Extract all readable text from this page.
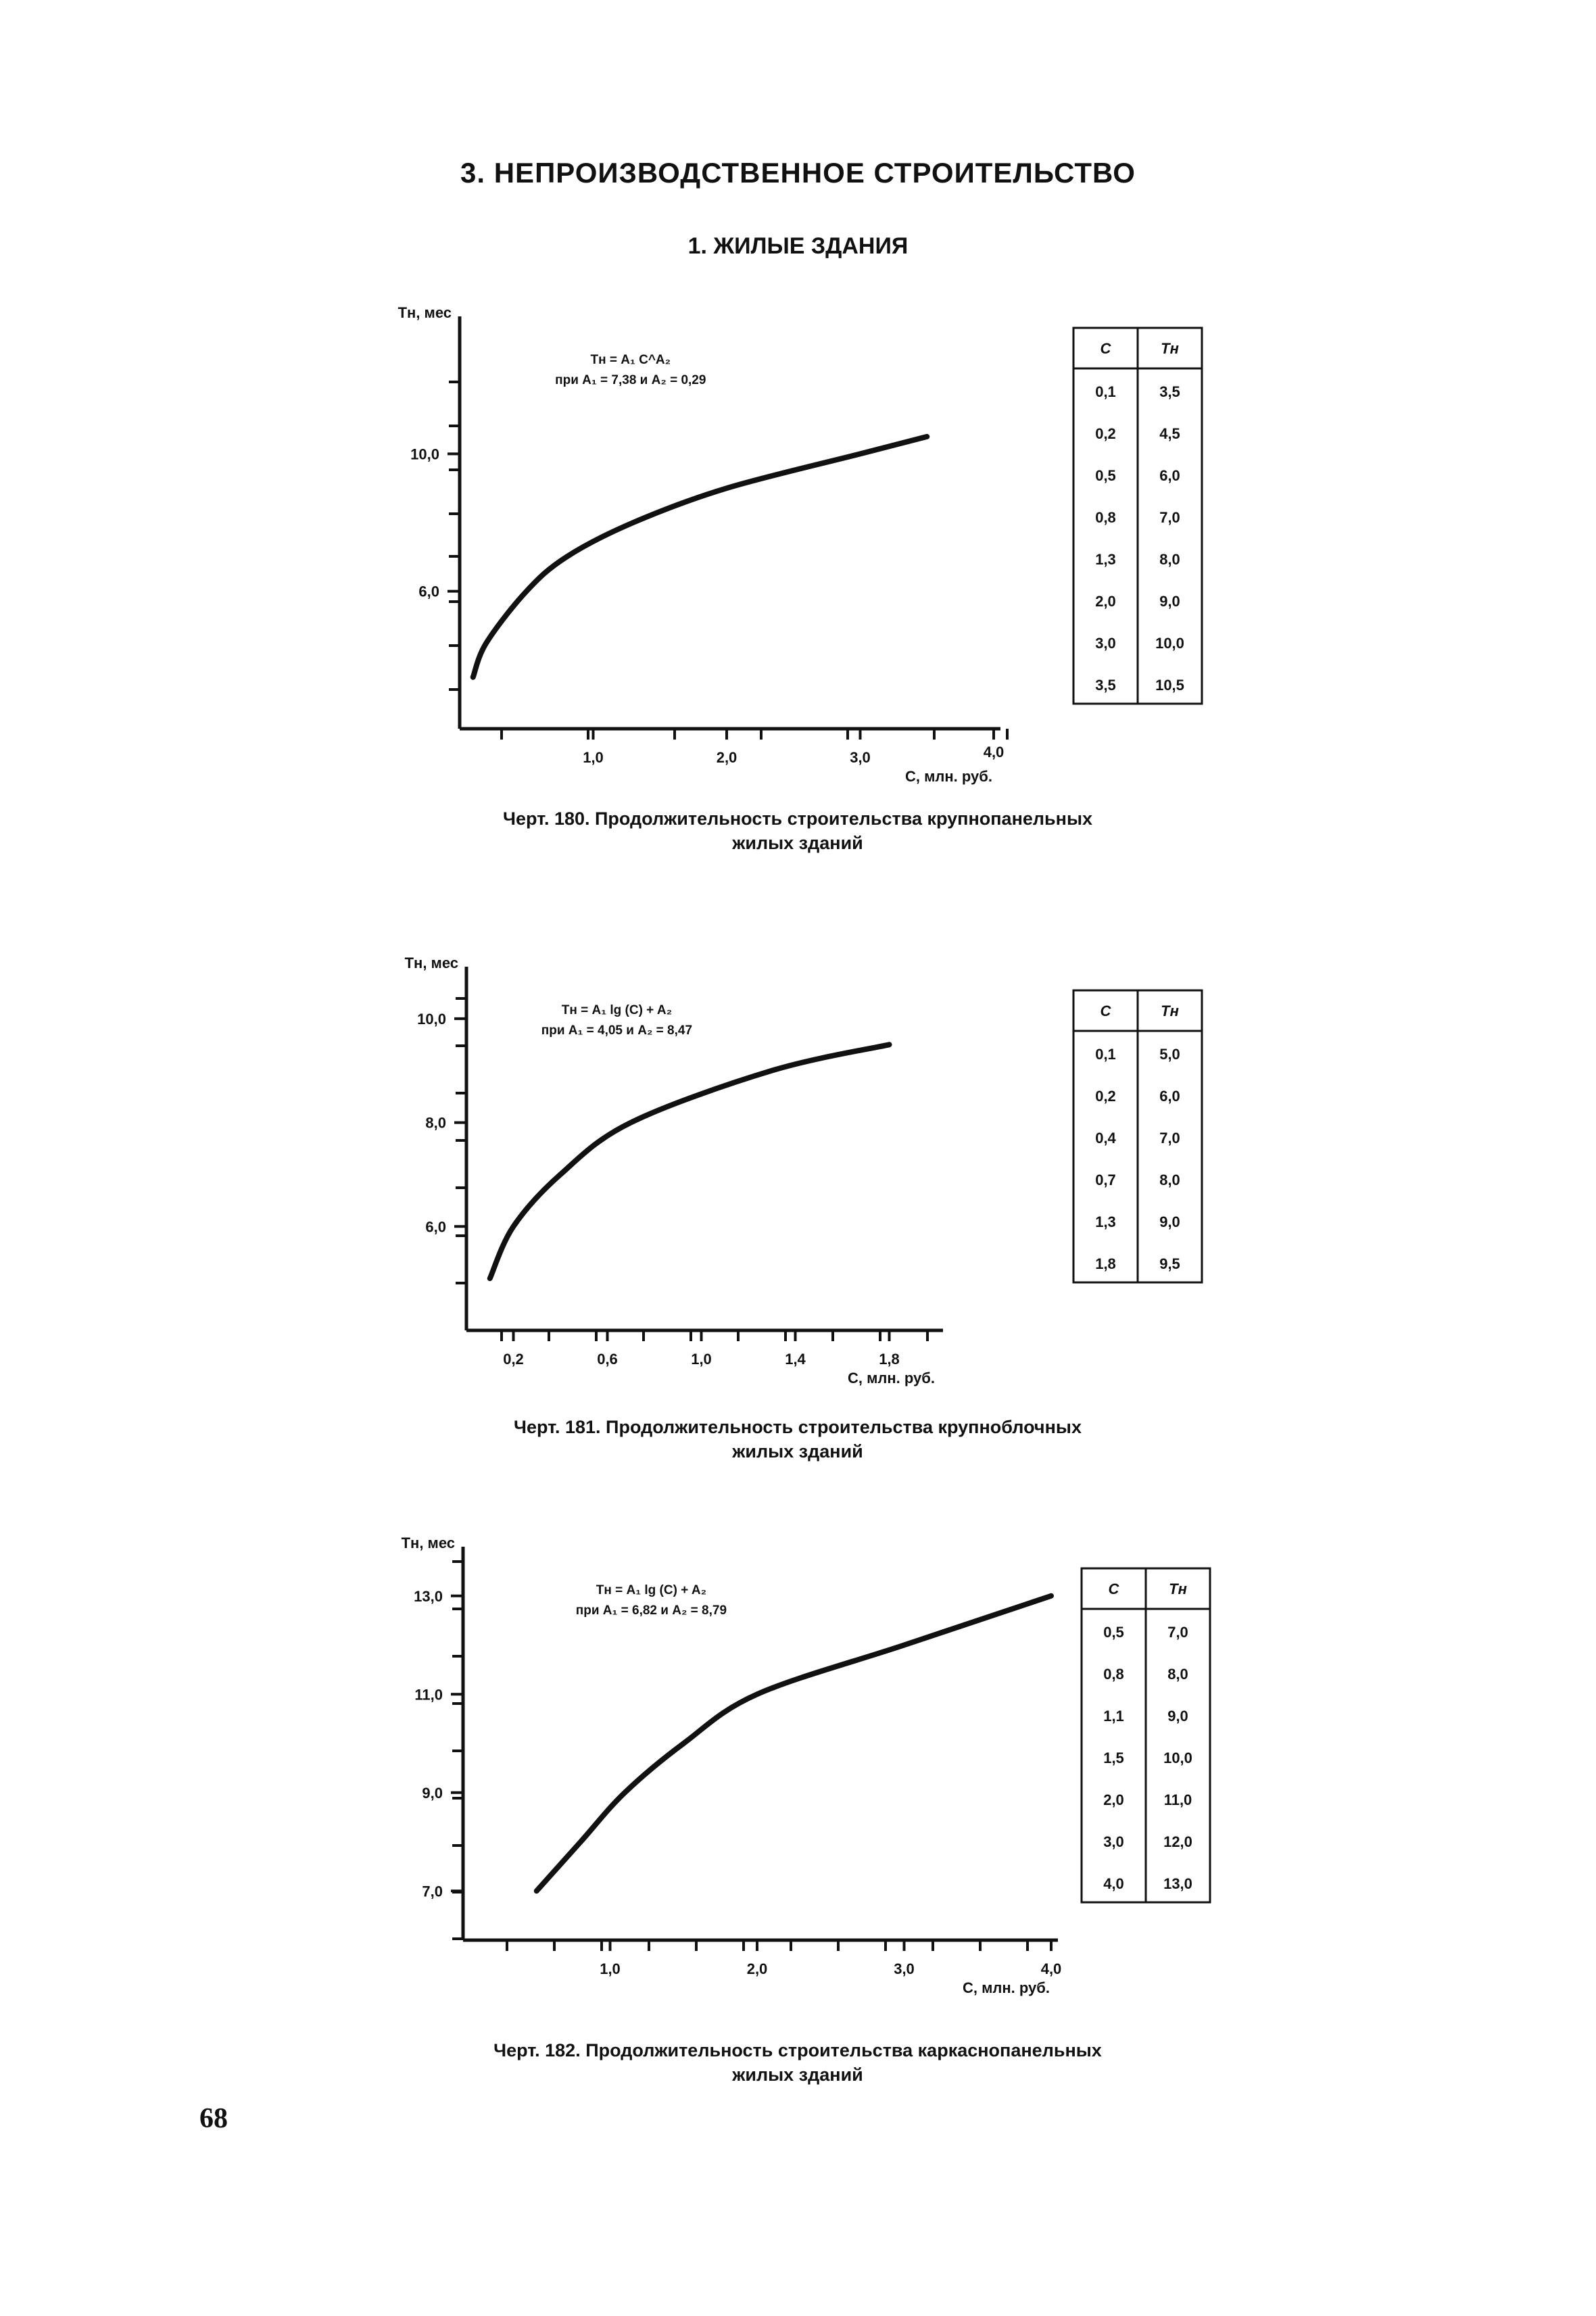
3. НЕПРОИЗВОДСТВЕННОЕ СТРОИТЕЛЬСТВО
1. ЖИЛЫЕ ЗДАНИЯ
1,0	2,0	3,0	4,0
6,0
10,0
Tн, мес
С, млн. руб.
Tн = A₁ C^A₂
при A₁ = 7,38 и A₂ = 0,29
C	Tн
0,1	3,5
0,2	4,5
0,5	6,0
0,8	7,0
1,3	8,0
2,0	9,0
3,0	10,0
3,5	10,5
Черт. 180. Продолжительность строительства крупнопанельных
жилых зданий
0,2	0,6	1,0	1,4	1,8
6,0
8,0
10,0
Tн, мес
С, млн. руб.
Tн = A₁ lg (C) + A₂
при A₁ = 4,05 и A₂ = 8,47
C	Tн
0,1	5,0
0,2	6,0
0,4	7,0
0,7	8,0
1,3	9,0
1,8	9,5
Черт. 181. Продолжительность строительства крупноблочных
жилых зданий
1,0	2,0	3,0	4,0
7,0
9,0
11,0
13,0
Tн, мес
С, млн. руб.
Tн = A₁ lg (C) + A₂
при A₁ = 6,82 и A₂ = 8,79
C	Tн
0,5	7,0
0,8	8,0
1,1	9,0
1,5	10,0
2,0	11,0
3,0	12,0
4,0	13,0
Черт. 182. Продолжительность строительства каркаснопанельных
жилых зданий
68
